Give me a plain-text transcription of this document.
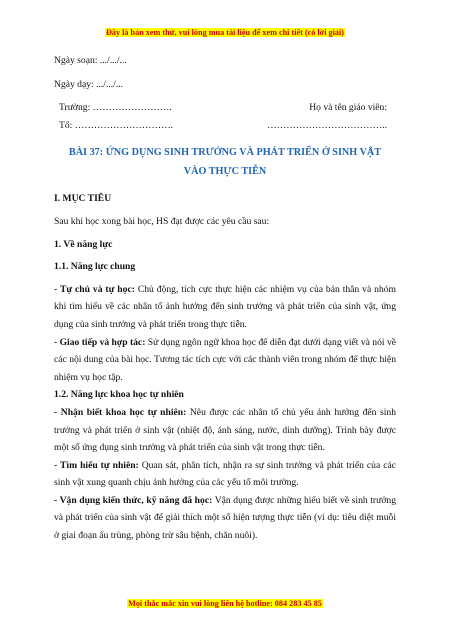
Đây là bản xem thử, vui lòng mua tài liệu để xem chi tiết (có lời giải)

Ngày soạn: .../.../...

Ngày dạy: .../.../...

Trường: …………………….	Họ và tên giáo viên:
Tổ: ………………………….	………………………………..
BÀI 37: ỨNG DỤNG SINH TRƯỞNG VÀ PHÁT TRIỂN Ở SINH VẬT
VÀO THỰC TIỄN

I. MỤC TIÊU

Sau khi học xong bài học, HS đạt được các yêu cầu sau:

1. Về năng lực

1.1. Năng lực chung

- Tự chủ và tự học: Chủ động, tích cực thực hiện các nhiệm vụ của bản thân và nhóm khi tìm hiểu về các nhân tố ảnh hưởng đến sinh trưởng và phát triển của sinh vật, ứng dụng của sinh trưởng và phát triển trong thực tiễn.

- Giao tiếp và hợp tác: Sử dụng ngôn ngữ khoa học để diễn đạt dưới dạng viết và nói về các nội dung của bài học. Tương tác tích cực với các thành viên trong nhóm để thực hiện nhiệm vụ học tập.

1.2. Năng lực khoa học tự nhiên

- Nhận biết khoa học tự nhiên: Nêu được các nhân tố chủ yếu ảnh hưởng đến sinh trưởng và phát triển ở sinh vật (nhiệt độ, ánh sáng, nước, dinh dưỡng). Trình bày được một số ứng dụng sinh trưởng và phát triển của sinh vật trong thực tiễn.

- Tìm hiểu tự nhiên: Quan sát, phân tích, nhận ra sự sinh trưởng và phát triển của các sinh vật xung quanh chịu ảnh hưởng của các yếu tố môi trường.

- Vận dụng kiến thức, kỹ năng đã học: Vận dụng được những hiểu biết về sinh trưởng và phát triển của sinh vật để giải thích một số hiện tượng thực tiễn (ví dụ: tiêu diệt muỗi ở giai đoạn ấu trùng, phòng trừ sâu bệnh, chăn nuôi).

Mọi thắc mắc xin vui lòng liên hệ hotline: 084 283 45 85
